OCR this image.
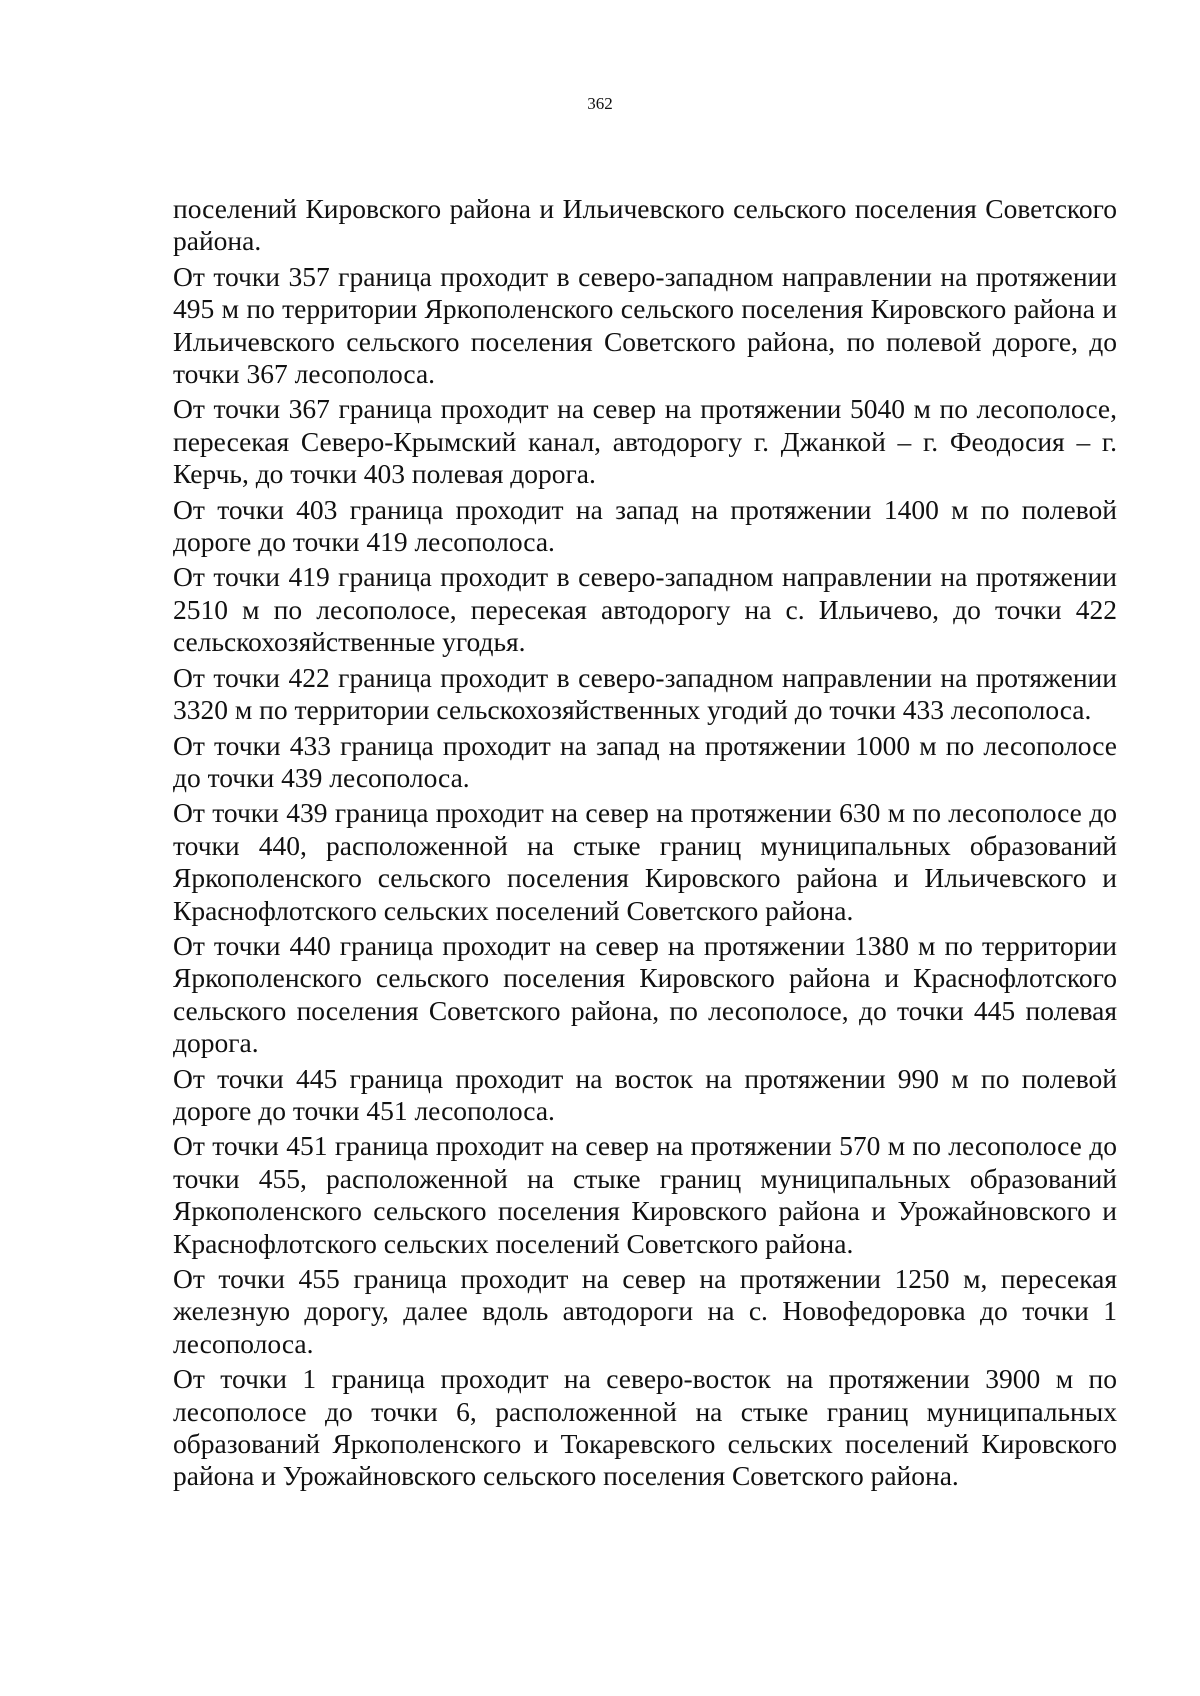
362

поселений Кировского района и Ильичевского сельского поселения Советского района.

От точки 357 граница проходит в северо-западном направлении на протяжении 495 м по территории Яркополенского сельского поселения Кировского района и Ильичевского сельского поселения Советского района, по полевой дороге, до точки 367 лесополоса.

От точки 367 граница проходит на север на протяжении 5040 м по лесополосе, пересекая Северо-Крымский канал, автодорогу г. Джанкой – г. Феодосия – г. Керчь, до точки 403 полевая дорога.

От точки 403 граница проходит на запад на протяжении 1400 м по полевой дороге до точки 419 лесополоса.

От точки 419 граница проходит в северо-западном направлении на протяжении 2510 м по лесополосе, пересекая автодорогу на с. Ильичево, до точки 422 сельскохозяйственные угодья.

От точки 422 граница проходит в северо-западном направлении на протяжении 3320 м по территории сельскохозяйственных угодий до точки 433 лесополоса.

От точки 433 граница проходит на запад на протяжении 1000 м по лесополосе до точки 439 лесополоса.

От точки 439 граница проходит на север на протяжении 630 м по лесополосе до точки 440, расположенной на стыке границ муниципальных образований Яркополенского сельского поселения Кировского района и Ильичевского и Краснофлотского сельских поселений Советского района.

От точки 440 граница проходит на север на протяжении 1380 м по территории Яркополенского сельского поселения Кировского района и Краснофлотского сельского поселения Советского района, по лесополосе, до точки 445 полевая дорога.

От точки 445 граница проходит на восток на протяжении 990 м по полевой дороге до точки 451 лесополоса.

От точки 451 граница проходит на север на протяжении 570 м по лесополосе до точки 455, расположенной на стыке границ муниципальных образований Яркополенского сельского поселения Кировского района и Урожайновского и Краснофлотского сельских поселений Советского района.

От точки 455 граница проходит на север на протяжении 1250 м, пересекая железную дорогу, далее вдоль автодороги на с. Новофедоровка до точки 1 лесополоса.

От точки 1 граница проходит на северо-восток на протяжении 3900 м по лесополосе до точки 6, расположенной на стыке границ муниципальных образований Яркополенского и Токаревского сельских поселений Кировского района и Урожайновского сельского поселения Советского района.
